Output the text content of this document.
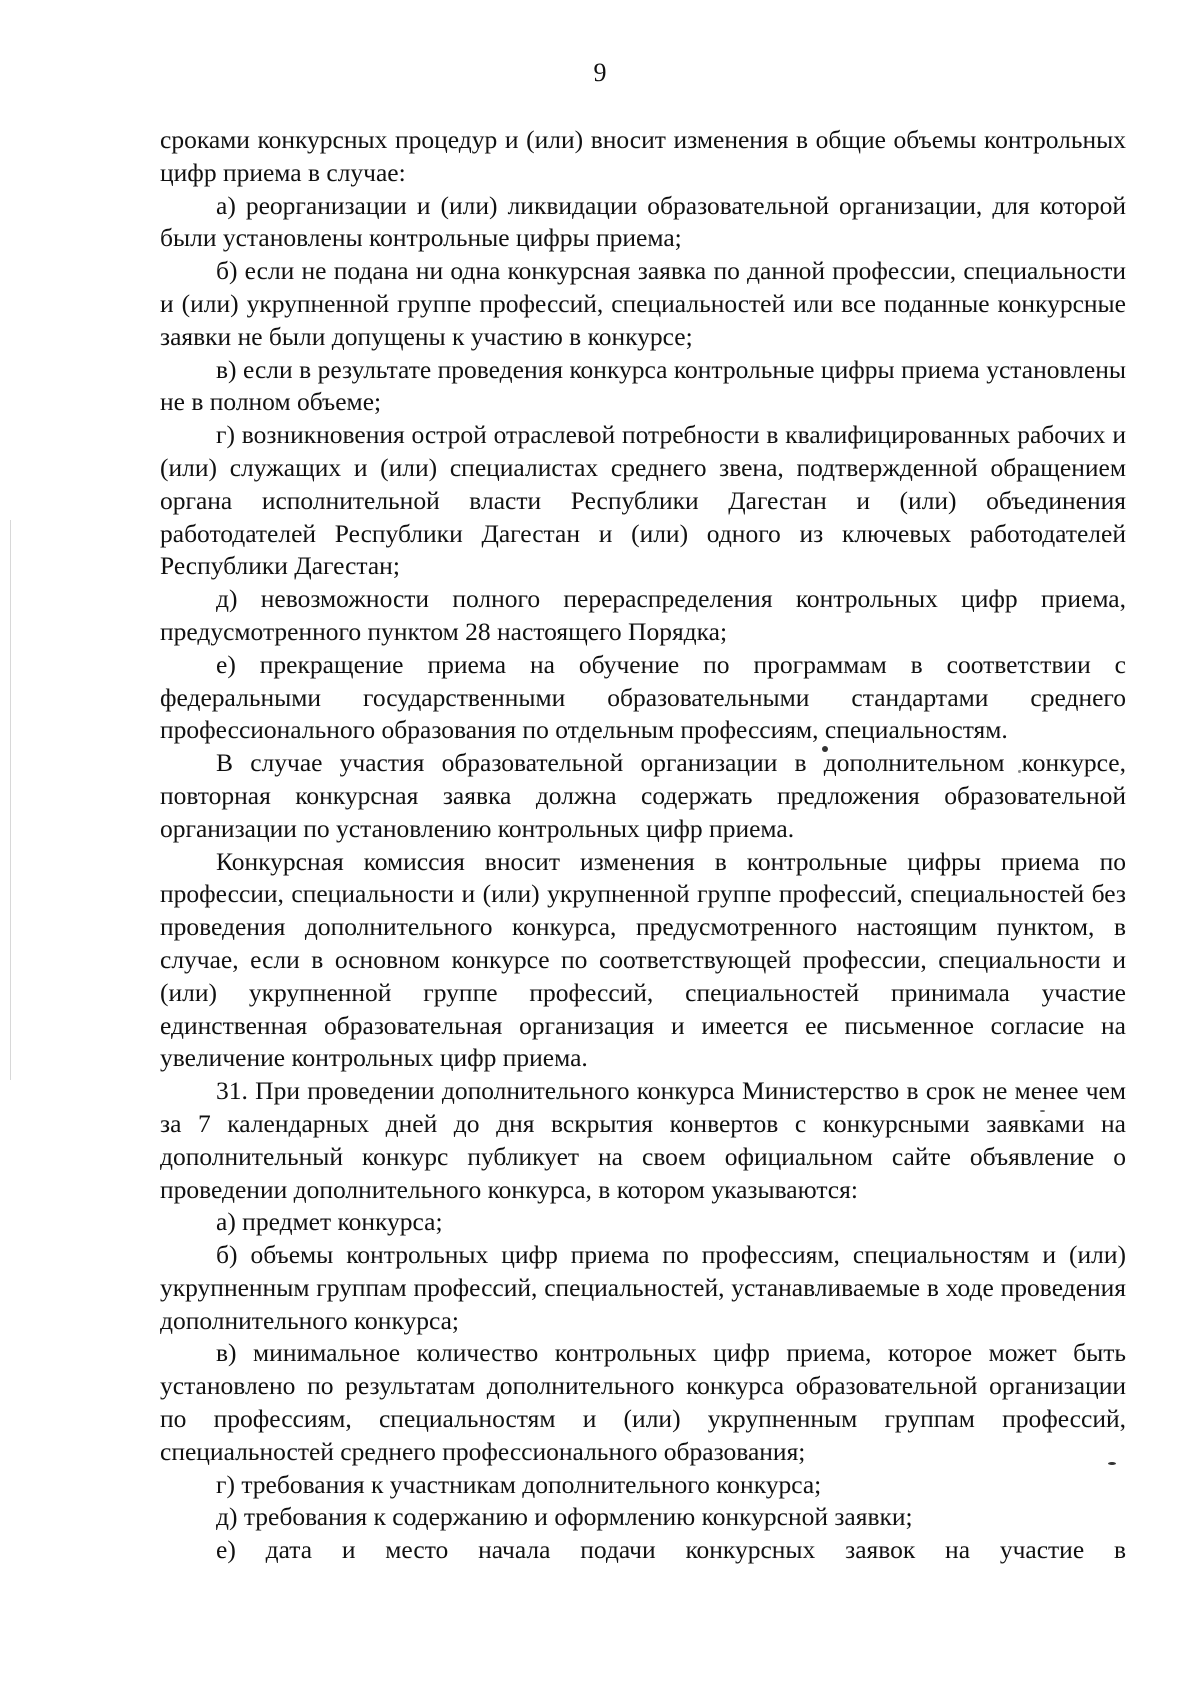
9

сроками конкурсных процедур и (или) вносит изменения в общие объемы контрольных цифр приема в случае:

а) реорганизации и (или) ликвидации образовательной организации, для которой были установлены контрольные цифры приема;

б) если не подана ни одна конкурсная заявка по данной профессии, специальности и (или) укрупненной группе профессий, специальностей или все поданные конкурсные заявки не были допущены к участию в конкурсе;

в) если в результате проведения конкурса контрольные цифры приема установлены не в полном объеме;

г) возникновения острой отраслевой потребности в квалифицированных рабочих и (или) служащих и (или) специалистах среднего звена, подтвержденной обращением органа исполнительной власти Республики Дагестан и (или) объединения работодателей Республики Дагестан и (или) одного из ключевых работодателей Республики Дагестан;

д) невозможности полного перераспределения контрольных цифр приема, предусмотренного пунктом 28 настоящего Порядка;

е) прекращение приема на обучение по программам в соответствии с федеральными государственными образовательными стандартами среднего профессионального образования по отдельным профессиям, специальностям.

В случае участия образовательной организации в дополнительном конкурсе, повторная конкурсная заявка должна содержать предложения образовательной организации по установлению контрольных цифр приема.

Конкурсная комиссия вносит изменения в контрольные цифры приема по профессии, специальности и (или) укрупненной группе профессий, специальностей без проведения дополнительного конкурса, предусмотренного настоящим пунктом, в случае, если в основном конкурсе по соответствующей профессии, специальности и (или) укрупненной группе профессий, специальностей принимала участие единственная образовательная организация и имеется ее письменное согласие на увеличение контрольных цифр приема.

31. При проведении дополнительного конкурса Министерство в срок не менее чем за 7 календарных дней до дня вскрытия конвертов с конкурсными заявками на дополнительный конкурс публикует на своем официальном сайте объявление о проведении дополнительного конкурса, в котором указываются:

а) предмет конкурса;

б) объемы контрольных цифр приема по профессиям, специальностям и (или) укрупненным группам профессий, специальностей, устанавливаемые в ходе проведения дополнительного конкурса;

в) минимальное количество контрольных цифр приема, которое может быть установлено по результатам дополнительного конкурса образовательной организации по профессиям, специальностям и (или) укрупненным группам профессий, специальностей среднего профессионального образования;

г) требования к участникам дополнительного конкурса;

д) требования к содержанию и оформлению конкурсной заявки;

е) дата и место начала подачи конкурсных заявок на участие в
